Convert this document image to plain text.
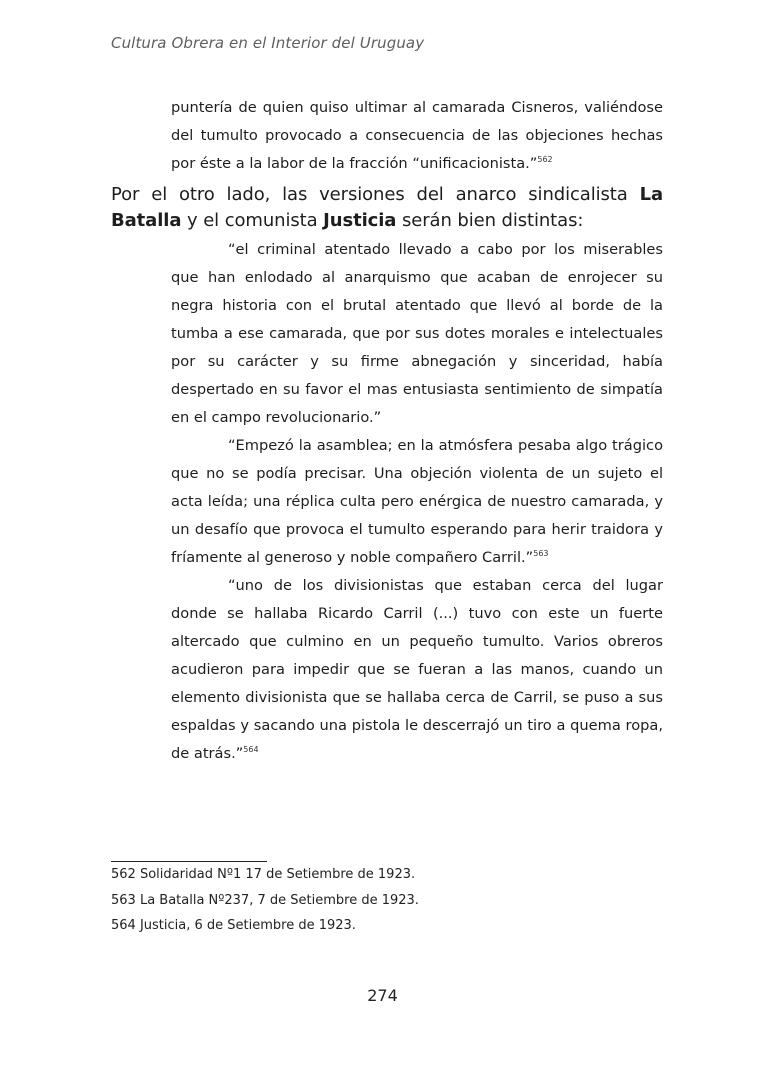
Cultura Obrera en el Interior del Uruguay

puntería de quien quiso ultimar al camarada Cisneros, valiéndose del tumulto provocado a consecuencia de las objeciones hechas por éste a la labor de la fracción “unificacionista.”$^{562}$

Por el otro lado, las versiones del anarco sindicalista La Batalla y el comunista Justicia serán bien distintas:

“el criminal atentado llevado a cabo por los miserables que han enlodado al anarquismo que acaban de enrojecer su negra historia con el brutal atentado que llevó al borde de la tumba a ese camarada, que por sus dotes morales e intelectuales por su carácter y su firme abnegación y sinceridad, había despertado en su favor el mas entusiasta sentimiento de simpatía en el campo revolucionario.”

“Empezó la asamblea; en la atmósfera pesaba algo trágico que no se podía precisar. Una objeción violenta de un sujeto el acta leída; una réplica culta pero enérgica de nuestro camarada, y un desafío que provoca el tumulto esperando para herir traidora y fríamente al generoso y noble compañero Carril.”$^{563}$

“uno de los divisionistas que estaban cerca del lugar donde se hallaba Ricardo Carril (...) tuvo con este un fuerte altercado que culmino en un pequeño tumulto. Varios obreros acudieron para impedir que se fueran a las manos, cuando un elemento divisionista que se hallaba cerca de Carril, se puso a sus espaldas y sacando una pistola le descerrajó un tiro a quema ropa, de atrás.”$^{564}$

562 Solidaridad Nº1 17 de Setiembre de 1923.
563 La Batalla Nº237, 7 de Setiembre de 1923.
564 Justicia, 6 de Setiembre de 1923.
274
